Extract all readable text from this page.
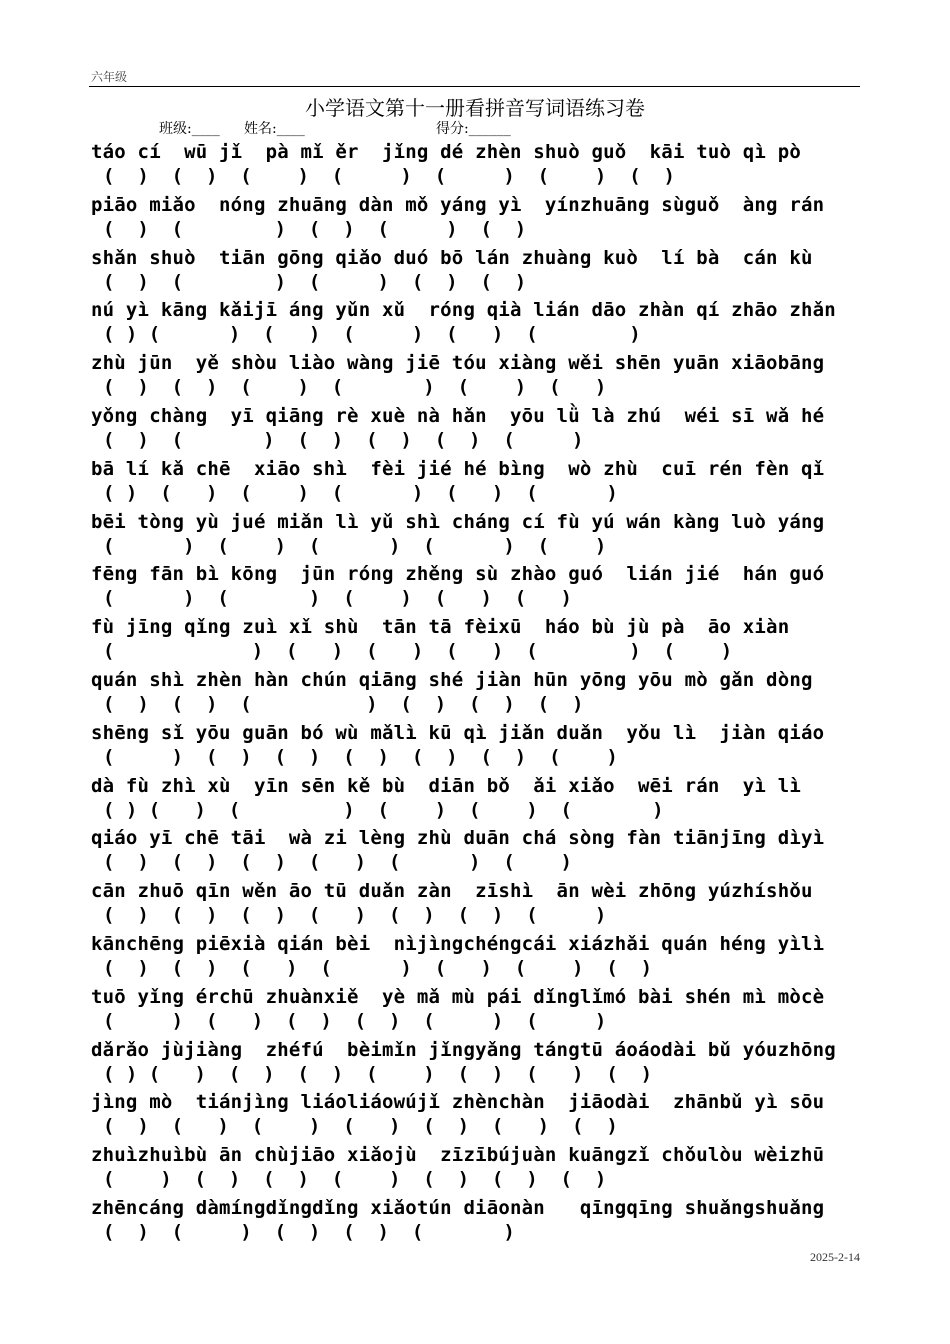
六年级
小学语文第十一册看拼音写词语练习卷
班级:____ 姓名:____	得分:______
táo cí  wū jǐ  pà mǐ ěr  jǐng dé zhèn shuò guǒ  kāi tuò qì pò
(  )  (  )  (    )  (     )  (     )  (    )  (  )
piāo miǎo  nóng zhuāng dàn mǒ yáng yì  yínzhuāng sùguǒ  àng rán
(  )  (        )  (  )  (     )  (  )
shǎn shuò  tiān gōng qiǎo duó bō lán zhuàng kuò  lí bà  cán kù
(  )  (        )  (     )  (  )  (  )
nú yì kāng kǎijī áng yǔn xǔ  róng qià lián dāo zhàn qí zhāo zhǎn
( ) (      )  (   )  (     )  (   )  (        )
zhù jūn  yě shòu liào wàng jiē tóu xiàng wěi shēn yuān xiāobāng
(  )  (  )  (    )  (       )  (    )  (   )
yǒng chàng  yī qiāng rè xuè nà hǎn  yōu lǜ là zhú  wéi sī wǎ hé
(  )  (       )  (  )  (  )  (  )  (     )
bā lí kǎ chē  xiāo shì  fèi jié hé bìng  wò zhù  cuī rén fèn qǐ
( )  (   )  (    )  (      )  (   )  (      )
bēi tòng yù jué miǎn lì yǔ shì cháng cí fù yú wán kàng luò yáng
(      )  (    )  (      )  (      )  (    )
fēng fān bì kōng  jūn róng zhěng sù zhào guó  lián jié  hán guó
(      )  (       )  (    )  (   )  (   )
fù jīng qǐng zuì xǐ shù  tān tā fèixū  háo bù jù pà  āo xiàn
(            )  (   )  (   )  (   )  (        )  (    )
quán shì zhèn hàn chún qiāng shé jiàn hūn yōng yōu mò gǎn dòng
(  )  (  )  (          )  (  )  (  )  (  )
shēng sǐ yōu guān bó wù mǎlì kū qì jiǎn duǎn  yǒu lì  jiàn qiáo
(     )  (  )  (  )  (  )  (  )  (  )  (    )
dà fù zhì xù  yīn sēn kě bù  diān bǒ  ǎi xiǎo  wēi rán  yì lì
( ) (   )  (         )  (    )  (    )  (       )
qiáo yī chē tāi  wà zi lèng zhù duān chá sòng fàn tiānjīng dìyì
(  )  (  )  (  )  (   )  (      )  (    )
cān zhuō qīn wěn āo tū duǎn zàn  zīshì  ān wèi zhōng yúzhíshǒu
(  )  (  )  (  )  (   )  (  )  (  )  (     )
kānchēng piēxià qián bèi  nìjìngchéngcái xiázhǎi quán héng yìlì
(  )  (  )  (   )  (      )  (   )  (    )  (  )
tuō yǐng érchū zhuànxiě  yè mǎ mù pái dǐnglǐmó bài shén mì mòcè
(     )  (   )  (  )  (  )  (     )  (     )
dǎrǎo jùjiàng  zhéfú  bèimǐn jǐngyǎng tángtū áoáodài bǔ yóuzhōng
( ) (   )  (  )  (  )  (    )  (  )  (   )  (  )
jìng mò  tiánjìng liáoliáowújǐ zhènchàn  jiāodài  zhānbǔ yì sōu
(  )  (   )  (    )  (   )  (  )  (   )  (  )
zhuìzhuìbù ān chùjiāo xiǎojù  zīzībújuàn kuāngzǐ chǒulòu wèizhū
(    )  (  )  (  )  (    )  (  )  (  )  (  )
zhēncáng dàmíngdǐngdǐng xiǎotún diāonàn   qīngqīng shuǎngshuǎng
(  )  (     )  (  )  (  )  (       )
2025-2-14
